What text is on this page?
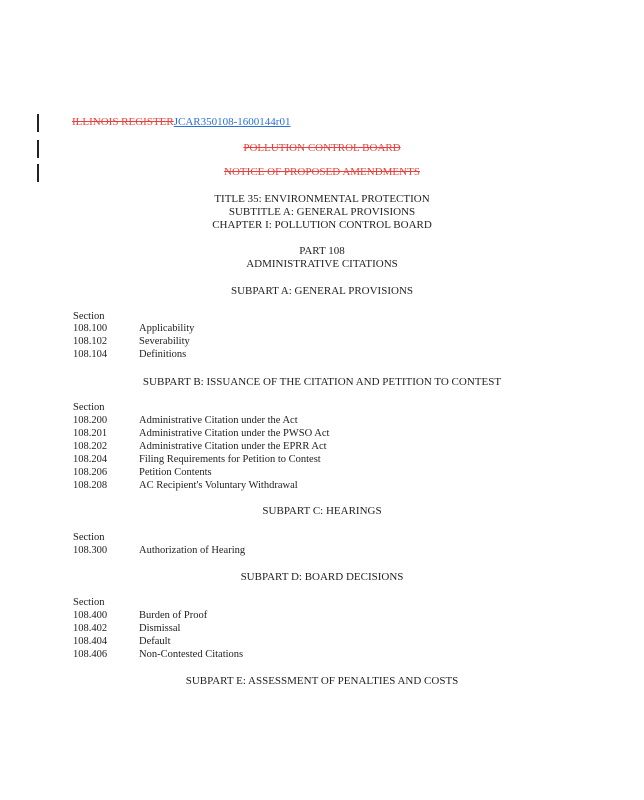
ILLINOIS REGISTERJCAR350108-1600144r01
POLLUTION CONTROL BOARD
NOTICE OF PROPOSED AMENDMENTS
TITLE 35: ENVIRONMENTAL PROTECTION
SUBTITLE A: GENERAL PROVISIONS
CHAPTER I: POLLUTION CONTROL BOARD
PART 108
ADMINISTRATIVE CITATIONS
SUBPART A: GENERAL PROVISIONS
Section
108.100	Applicability
108.102	Severability
108.104	Definitions
SUBPART B: ISSUANCE OF THE CITATION AND PETITION TO CONTEST
Section
108.200	Administrative Citation under the Act
108.201	Administrative Citation under the PWSO Act
108.202	Administrative Citation under the EPRR Act
108.204	Filing Requirements for Petition to Contest
108.206	Petition Contents
108.208	AC Recipient's Voluntary Withdrawal
SUBPART C: HEARINGS
Section
108.300	Authorization of Hearing
SUBPART D: BOARD DECISIONS
Section
108.400	Burden of Proof
108.402	Dismissal
108.404	Default
108.406	Non-Contested Citations
SUBPART E: ASSESSMENT OF PENALTIES AND COSTS
